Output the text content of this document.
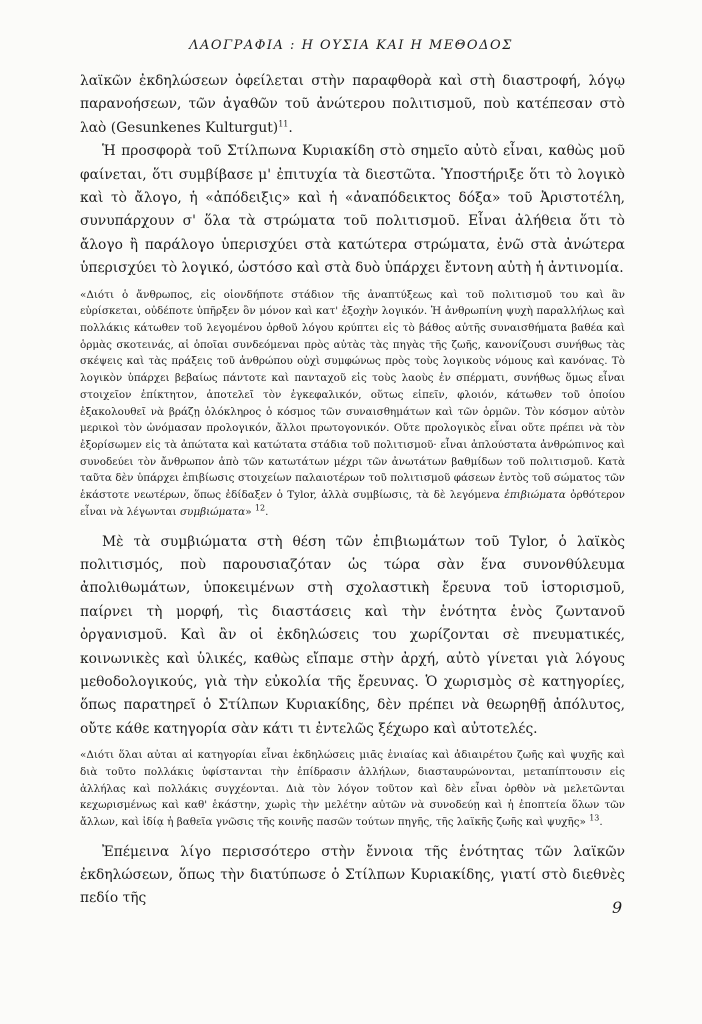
ΛΑΟΓΡΑΦΙΑ : Η ΟΥΣΙΑ ΚΑΙ Η ΜΕΘΟΔΟΣ

λαϊκῶν ἐκδηλώσεων ὀφείλεται στὴν παραφθορὰ καὶ στὴ διαστροφή, λόγῳ παρανοήσεων, τῶν ἀγαθῶν τοῦ ἀνώτερου πολιτισμοῦ, ποὺ κατέπεσαν στὸ λαὸ (Gesunkenes Kulturgut)$^{11}$.

Ἡ προσφορὰ τοῦ Στίλπωνα Κυριακίδη στὸ σημεῖο αὐτὸ εἶναι, καθὼς μοῦ φαίνεται, ὅτι συμβίβασε μ' ἐπιτυχία τὰ διεστῶτα. Ὑποστήριξε ὅτι τὸ λογικὸ καὶ τὸ ἄλογο, ἡ «ἀπόδειξις» καὶ ἡ «ἀναπόδεικτος δόξα» τοῦ Ἀριστοτέλη, συνυπάρχουν σ' ὅλα τὰ στρώματα τοῦ πολιτισμοῦ. Εἶναι ἀλήθεια ὅτι τὸ ἄλογο ἢ παράλογο ὑπερισχύει στὰ κατώτερα στρώματα, ἐνῶ στὰ ἀνώτερα ὑπερισχύει τὸ λογικό, ὡστόσο καὶ στὰ δυὸ ὑπάρχει ἔντονη αὐτὴ ἡ ἀντινομία.

«Διότι ὁ ἄνθρωπος, εἰς οἱονδήποτε στάδιον τῆς ἀναπτύξεως καὶ τοῦ πολιτισμοῦ του καὶ ἂν εὑρίσκεται, οὐδέποτε ὑπῆρξεν ὂν μόνον καὶ κατ' ἐξοχὴν λογικόν. Ἡ ἀνθρωπίνη ψυχὴ παραλλήλως καὶ πολλάκις κάτωθεν τοῦ λεγομένου ὀρθοῦ λόγου κρύπτει εἰς τὸ βάθος αὐτῆς συναισθήματα βαθέα καὶ ὁρμὰς σκοτεινάς, αἱ ὁποῖαι συνδεόμεναι πρὸς αὐτὰς τὰς πηγὰς τῆς ζωῆς, κανονίζουσι συνήθως τὰς σκέψεις καὶ τὰς πράξεις τοῦ ἀνθρώπου οὐχὶ συμφώνως πρὸς τοὺς λογικοὺς νόμους καὶ κανόνας. Τὸ λογικὸν ὑπάρχει βεβαίως πάντοτε καὶ πανταχοῦ εἰς τοὺς λαοὺς ἐν σπέρματι, συνήθως ὅμως εἶναι στοιχεῖον ἐπίκτητον, ἀποτελεῖ τὸν ἐγκεφαλικόν, οὕτως εἰπεῖν, φλοιόν, κάτωθεν τοῦ ὁποίου ἐξακολουθεῖ νὰ βράζῃ ὁλόκληρος ὁ κόσμος τῶν συναισθημάτων καὶ τῶν ὁρμῶν. Τὸν κόσμον αὐτὸν μερικοὶ τὸν ὠνόμασαν προλογικόν, ἄλλοι πρωτογονικόν. Οὔτε προλογικὸς εἶναι οὔτε πρέπει νὰ τὸν ἐξορίσωμεν εἰς τὰ ἀπώτατα καὶ κατώτατα στάδια τοῦ πολιτισμοῦ· εἶναι ἁπλούστατα ἀνθρώπινος καὶ συνοδεύει τὸν ἄνθρωπον ἀπὸ τῶν κατωτάτων μέχρι τῶν ἀνωτάτων βαθμίδων τοῦ πολιτισμοῦ. Κατὰ ταῦτα δὲν ὑπάρχει ἐπιβίωσις στοιχείων παλαιοτέρων τοῦ πολιτισμοῦ φάσεων ἐντὸς τοῦ σώματος τῶν ἑκάστοτε νεωτέρων, ὅπως ἐδίδαξεν ὁ Tylor, ἀλλὰ συμβίωσις, τὰ δὲ λεγόμενα ἐπιβιώματα ὀρθότερον εἶναι νὰ λέγωνται συμβιώματα» $^{12}$.

Μὲ τὰ συμβιώματα στὴ θέση τῶν ἐπιβιωμάτων τοῦ Tylor, ὁ λαϊκὸς πολιτισμός, ποὺ παρουσιαζόταν ὡς τώρα σὰν ἕνα συνονθύλευμα ἀπολιθωμάτων, ὑποκειμένων στὴ σχολαστικὴ ἔρευνα τοῦ ἱστορισμοῦ, παίρνει τὴ μορφή, τὶς διαστάσεις καὶ τὴν ἑνότητα ἑνὸς ζωντανοῦ ὀργανισμοῦ. Καὶ ἂν οἱ ἐκδηλώσεις του χωρίζονται σὲ πνευματικές, κοινωνικὲς καὶ ὑλικές, καθὼς εἴπαμε στὴν ἀρχή, αὐτὸ γίνεται γιὰ λόγους μεθοδολογικούς, γιὰ τὴν εὐκολία τῆς ἔρευνας. Ὁ χωρισμὸς σὲ κατηγορίες, ὅπως παρατηρεῖ ὁ Στίλπων Κυριακίδης, δὲν πρέπει νὰ θεωρηθῇ ἀπόλυτος, οὔτε κάθε κατηγορία σὰν κάτι τι ἐντελῶς ξέχωρο καὶ αὐτοτελές.

«Διότι ὅλαι αὐται αἱ κατηγορίαι εἶναι ἐκδηλώσεις μιᾶς ἑνιαίας καὶ ἀδιαιρέτου ζωῆς καὶ ψυχῆς καὶ διὰ τοῦτο πολλάκις ὑφίστανται τὴν ἐπίδρασιν ἀλλήλων, διασταυρώνονται, μεταπίπτουσιν εἰς ἀλλήλας καὶ πολλάκις συγχέονται. Διὰ τὸν λόγον τοῦτον καὶ δὲν εἶναι ὀρθὸν νὰ μελετῶνται κεχωρισμένως καὶ καθ' ἑκάστην, χωρὶς τὴν μελέτην αὐτῶν νὰ συνοδεύῃ καὶ ἡ ἐποπτεία ὅλων τῶν ἄλλων, καὶ ἰδίᾳ ἡ βαθεῖα γνῶσις τῆς κοινῆς πασῶν τούτων πηγῆς, τῆς λαϊκῆς ζωῆς καὶ ψυχῆς» $^{13}$.

Ἐπέμεινα λίγο περισσότερο στὴν ἔννοια τῆς ἑνότητας τῶν λαϊκῶν ἐκδηλώσεων, ὅπως τὴν διατύπωσε ὁ Στίλπων Κυριακίδης, γιατί στὸ διεθνὲς πεδίο τῆς	9
